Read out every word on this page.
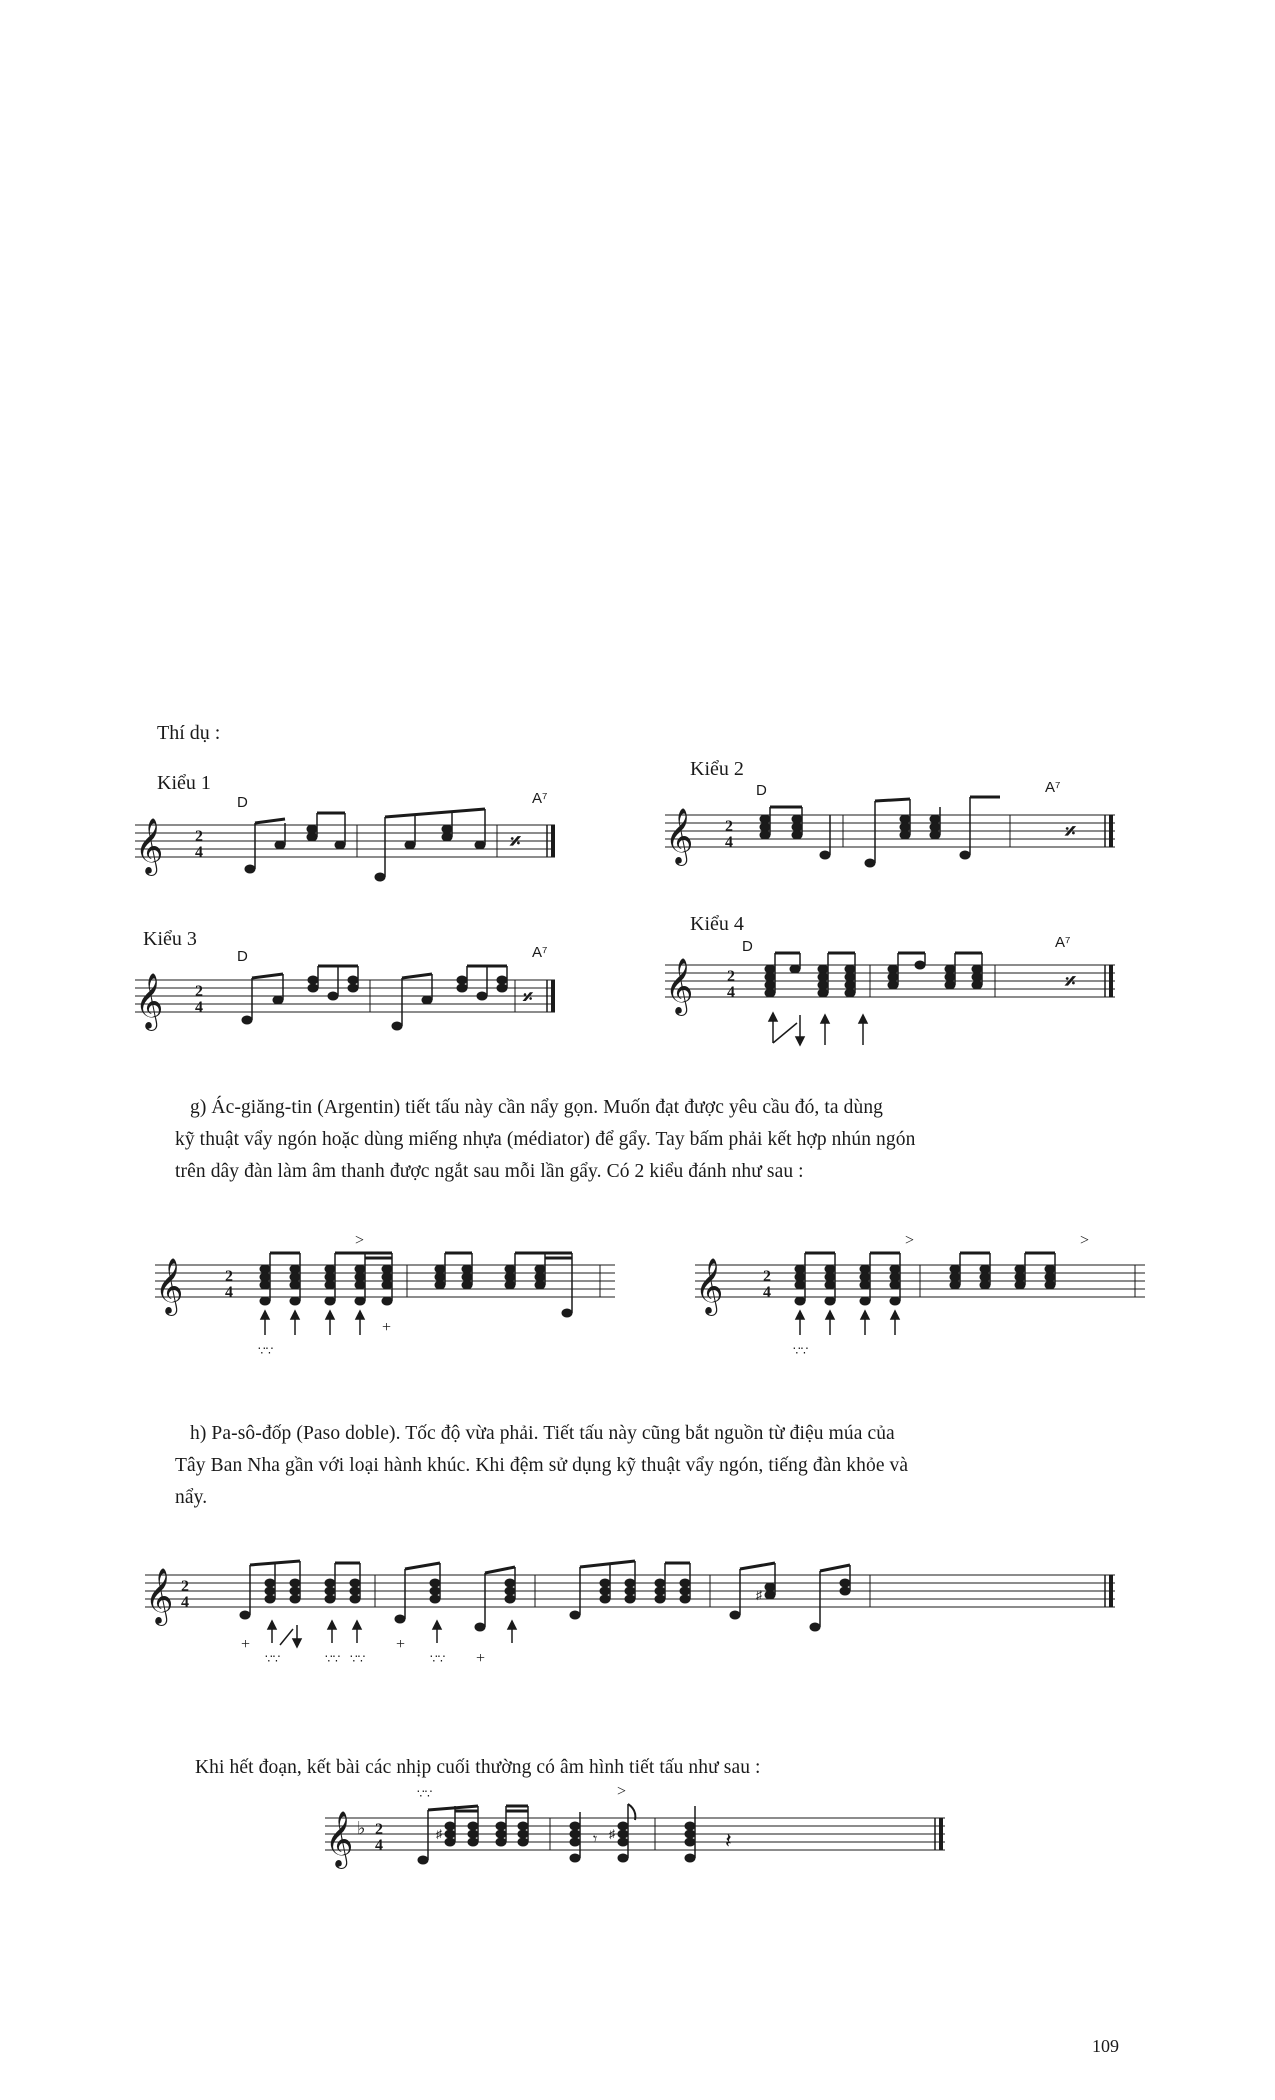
Thí dụ :
Kiểu 1
Kiểu 2
Kiểu 3
Kiểu 4
D	A⁷	D	A⁷
D	A⁷	D	A⁷
𝄞 2
4	𝄎	𝄞 2
4	𝄎
𝄞 2
4	𝄎	𝄞 2
4	𝄎
g) Ác-giăng-tin (Argentin) tiết tấu này cần nẩy gọn. Muốn đạt được yêu cầu đó, ta dùng
kỹ thuật vẩy ngón hoặc dùng miếng nhựa (médiator) để gẩy. Tay bấm phải kết hợp nhún ngón
trên dây đàn làm âm thanh được ngắt sau mỗi lần gẩy. Có 2 kiểu đánh như sau :
𝄞	2
4
>
+
∵∵
𝄞 2
4
>	>
∵∵
h) Pa-sô-đốp (Paso doble). Tốc độ vừa phải. Tiết tấu này cũng bắt nguồn từ điệu múa của
Tây Ban Nha gần với loại hành khúc. Khi đệm sử dụng kỹ thuật vẩy ngón, tiếng đàn khỏe và
nẩy.
𝄞 2
4	♯
+	+
+
∵∵	∵∵ ∵∵	∵∵
Khi hết đoạn, kết bài các nhịp cuối thường có âm hình tiết tấu như sau :
𝄞 ♭ 2
4
♯	𝄾 ♯	𝄽
>
∵∵
109
